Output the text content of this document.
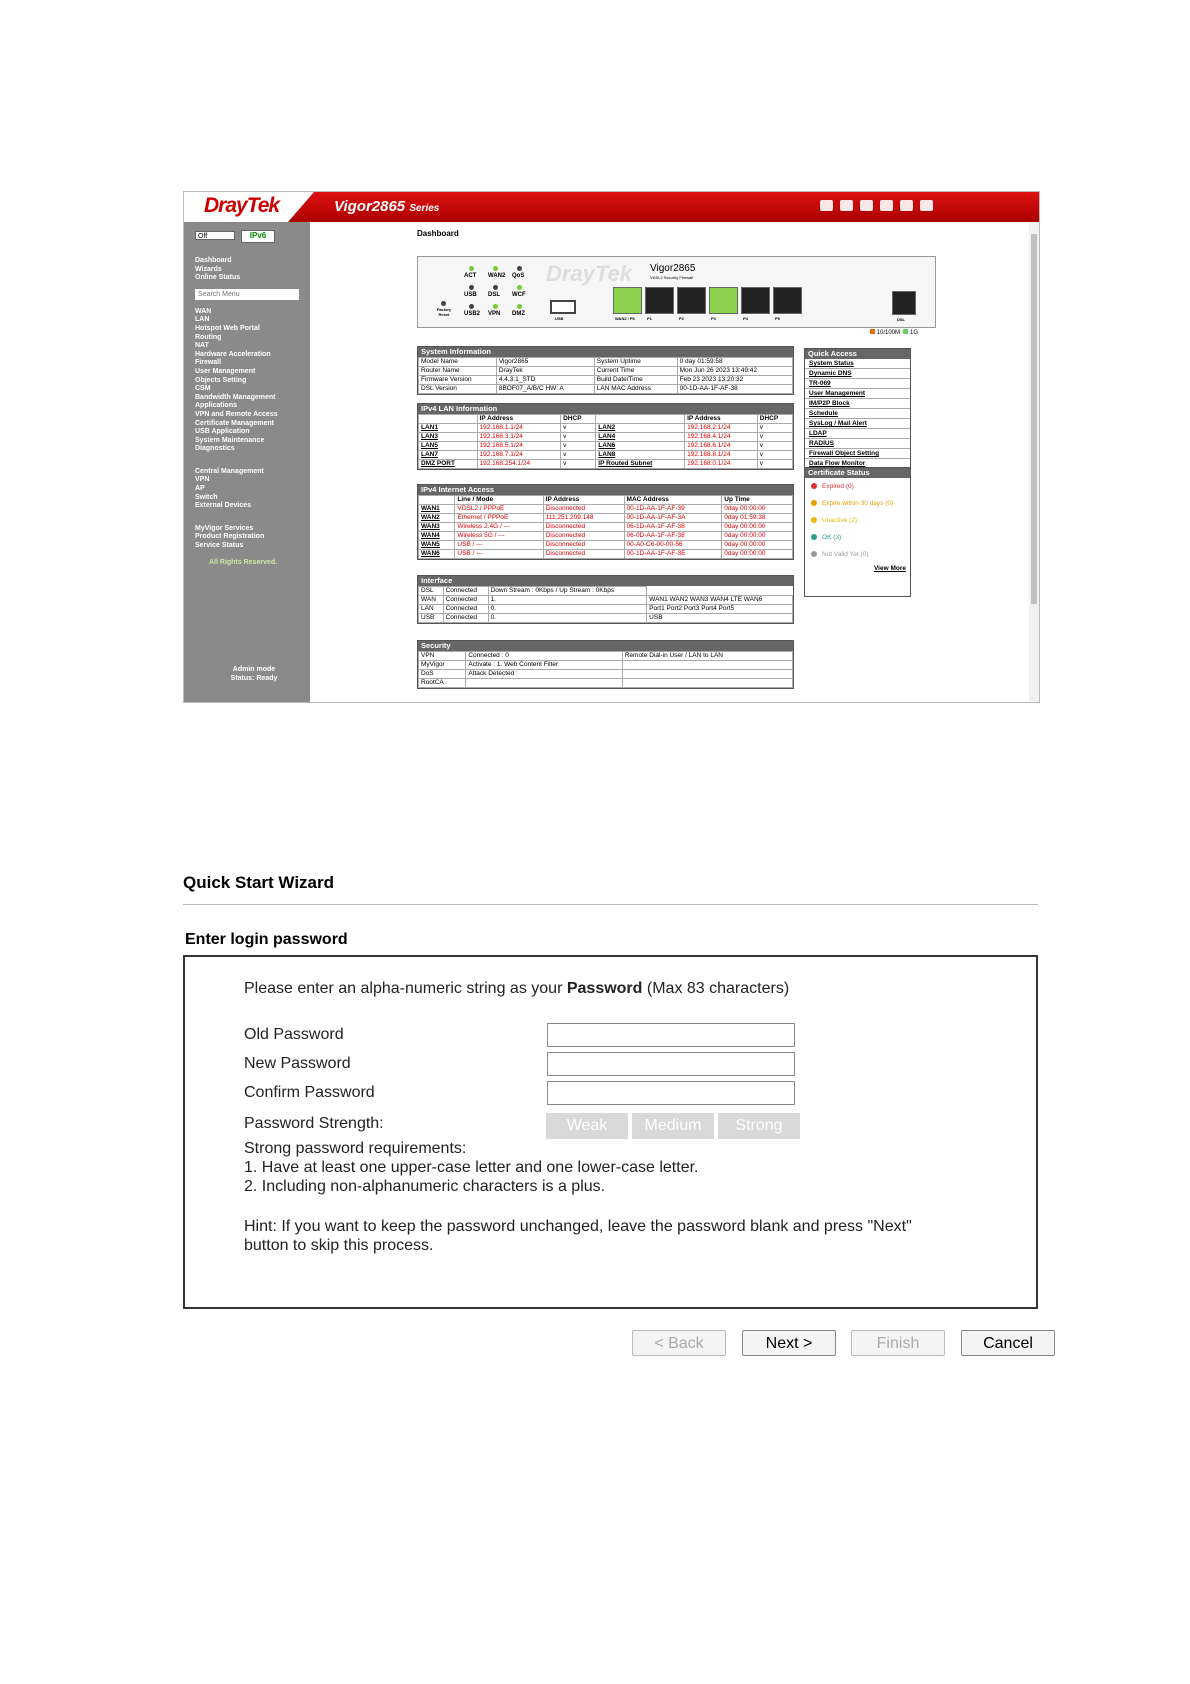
DrayTek	Vigor2865 Series
Off	IPv6
Dashboard
Wizards
Online Status
Search Menu
WAN
LAN
Hotspot Web Portal
Routing
NAT
Hardware Acceleration
Firewall
User Management
Objects Setting
CSM
Bandwidth Management
Applications
VPN and Remote Access
Certificate Management
USB Application
System Maintenance
Diagnostics
Central Management
VPN
AP
Switch
External Devices
MyVigor Services
Product Registration
Service Status
All Rights Reserved.
Admin mode
Status: Ready
Dashboard
ACT WAN2 QoS
USB DSL WCF
USB2 VPN DMZ
Factory Reset
DrayTek Vigor2865
VDSL2 Security Firewall
USB	WAN2 / P6	P1	P2	P3	P4	P5	DSL
10/100M 1G
System Information
Model Name	Vigor2865	System Uptime	0 day 01:59:58
Router Name	DrayTek	Current Time	Mon Jun 26 2023 13:49:42
Firmware Version	4.4.3.1_STD	Build Date/Time	Feb 23 2023 13:20:32
DSL Version	8BOF07_A/B/C HW: A	LAN MAC Address	00-1D-AA-1F-AF-38
IPv4 LAN Information
	IP Address	DHCP		IP Address	DHCP
LAN1	192.168.1.1/24	v	LAN2	192.168.2.1/24	v
LAN3	192.168.3.1/24	v	LAN4	192.168.4.1/24	v
LAN5	192.168.5.1/24	v	LAN6	192.168.6.1/24	v
LAN7	192.168.7.1/24	v	LAN8	192.168.8.1/24	v
DMZ PORT	192.168.254.1/24	v	IP Routed Subnet	192.168.0.1/24	v
IPv4 Internet Access
	Line / Mode	IP Address	MAC Address	Up Time
WAN1	VDSL2 / PPPoE	Disconnected	00-1D-AA-1F-AF-39	0day 00:00:00
WAN2	Ethernet / PPPoE	111.251.209.148	00-1D-AA-1F-AF-3A	0day 01:59:38
WAN3	Wireless 2.4G / ---	Disconnected	06-1D-AA-1F-AF-38	0day 00:00:00
WAN4	Wireless 5G / ---	Disconnected	06-0D-AA-1F-AF-38	0day 00:00:00
WAN5	USB / ---	Disconnected	00-A0-C6-00-00-56	0day 00:00:00
WAN6	USB / ---	Disconnected	00-1D-AA-1F-AF-3E	0day 00:00:00
Interface
DSL	Connected	Down Stream : 0Kbps / Up Stream : 0Kbps	
WAN	Connected	1.	WAN1 WAN2 WAN3 WAN4 LTE WAN6
LAN	Connected	0.	Port1 Port2 Port3 Port4 Port5
USB	Connected	0.	USB
Security
VPN	Connected : 0	Remote Dial-in User / LAN to LAN
MyVigor	Activate : 1. Web Content Filter	
DoS	Attack Detected :	
RootCA		
Quick Access
System Status
Dynamic DNS
TR-069
User Management
IM/P2P Block
Schedule
SysLog / Mail Alert
LDAP
RADIUS
Firewall Object Setting
Data Flow Monitor
Certificate Status
Expired (0)
Expire within 30 days (0)
Unactive (2)
OK (3)
Not Valid Yet (0)
View More
Quick Start Wizard
Enter login password
Please enter an alpha-numeric string as your Password (Max 83 characters)
Old Password
New Password
Confirm Password
Password Strength:	Weak	Medium	Strong
Strong password requirements:
1. Have at least one upper-case letter and one lower-case letter.
2. Including non-alphanumeric characters is a plus.
Hint: If you want to keep the password unchanged, leave the password blank and press "Next"
button to skip this process.
< Back	Next >	Finish	Cancel
